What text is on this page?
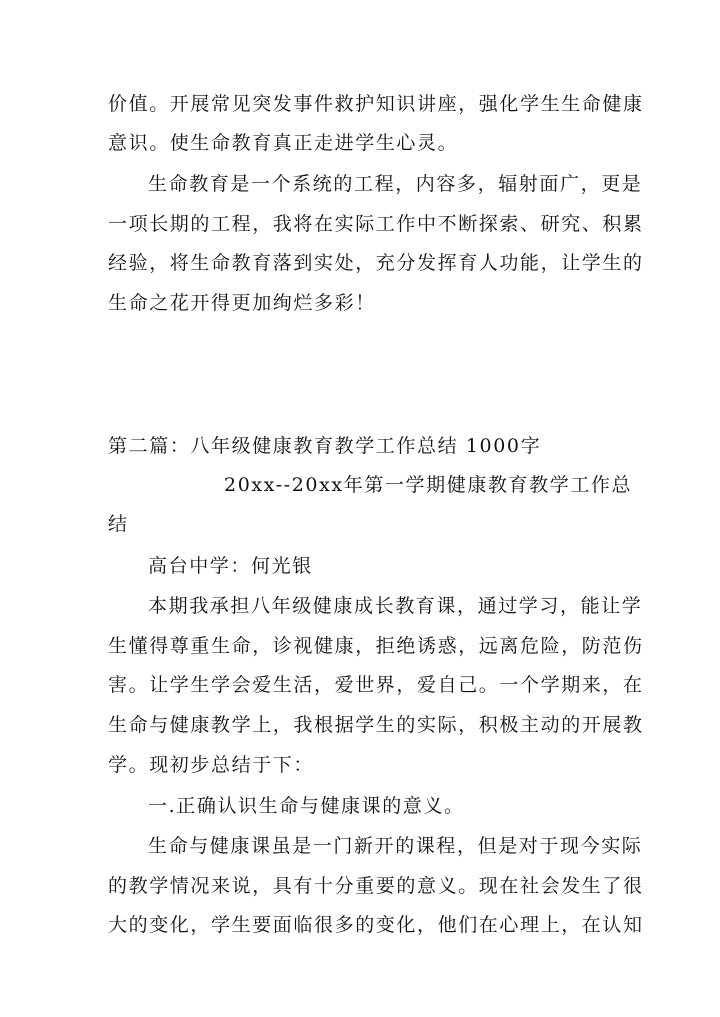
价值。开展常见突发事件救护知识讲座，强化学生生命健康
意识。使生命教育真正走进学生心灵。
生命教育是一个系统的工程，内容多，辐射面广，更是
一项长期的工程，我将在实际工作中不断探索、研究、积累
经验，将生命教育落到实处，充分发挥育人功能，让学生的
生命之花开得更加绚烂多彩！
第二篇：八年级健康教育教学工作总结 1000字
20xx--20xx年第一学期健康教育教学工作总
结
高台中学：何光银
本期我承担八年级健康成长教育课，通过学习，能让学
生懂得尊重生命，诊视健康，拒绝诱惑，远离危险，防范伤
害。让学生学会爱生活，爱世界，爱自己。一个学期来，在
生命与健康教学上，我根据学生的实际，积极主动的开展教
学。现初步总结于下：
一.正确认识生命与健康课的意义。
生命与健康课虽是一门新开的课程，但是对于现今实际
的教学情况来说，具有十分重要的意义。现在社会发生了很
大的变化，学生要面临很多的变化，他们在心理上，在认知
